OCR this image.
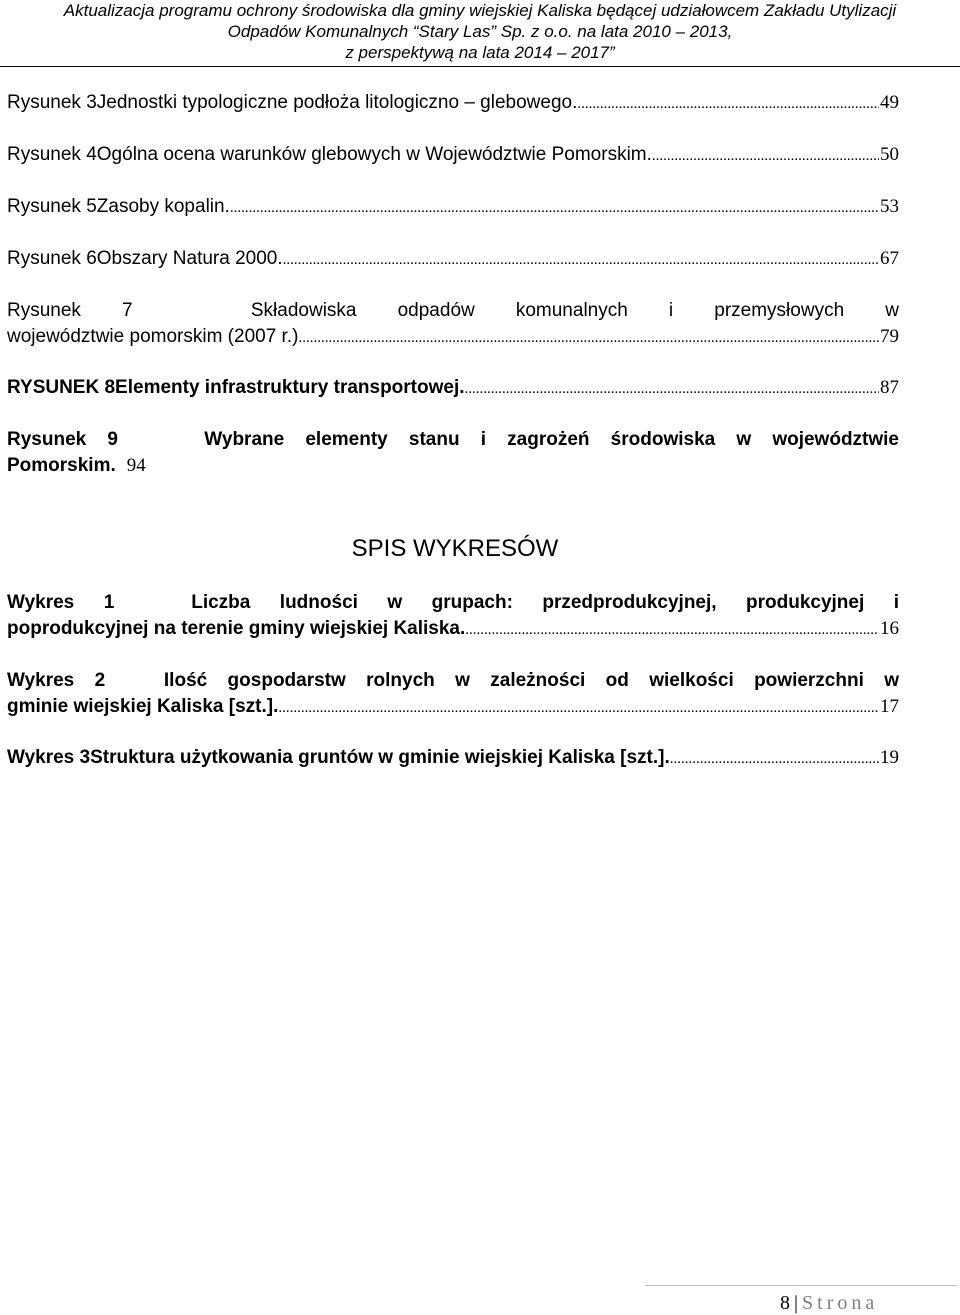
Aktualizacja programu ochrony środowiska dla gminy wiejskiej Kaliska będącej udziałowcem Zakładu Utylizacji
Odpadów Komunalnych “Stary Las” Sp. z o.o. na lata 2010 – 2013,
z perspektywą na lata 2014 – 2017”
Rysunek 3 Jednostki typologiczne podłoża litologiczno – glebowego. .....	49
Rysunek 4 Ogólna ocena warunków glebowych w Województwie Pomorskim. .....	50
Rysunek 5 Zasoby kopalin. .....	53
Rysunek 6 Obszary Natura 2000. .....	67
Rysunek 7	Składowiska odpadów komunalnych i przemysłowych w
województwie pomorskim (2007 r.) .....	79
RYSUNEK 8 Elementy infrastruktury transportowej. .....	87
Rysunek 9	Wybrane elementy stanu i zagrożeń środowiska w województwie
Pomorskim. 94
SPIS WYKRESÓW
Wykres 1	Liczba ludności w grupach: przedprodukcyjnej, produkcyjnej i
poprodukcyjnej na terenie gminy wiejskiej Kaliska. .....	16
Wykres 2	Ilość gospodarstw rolnych w zależności od wielkości powierzchni w
gminie wiejskiej Kaliska [szt.]. .....	17
Wykres 3 Struktura użytkowania gruntów w gminie wiejskiej Kaliska [szt.]. .....	19
8 | Strona
